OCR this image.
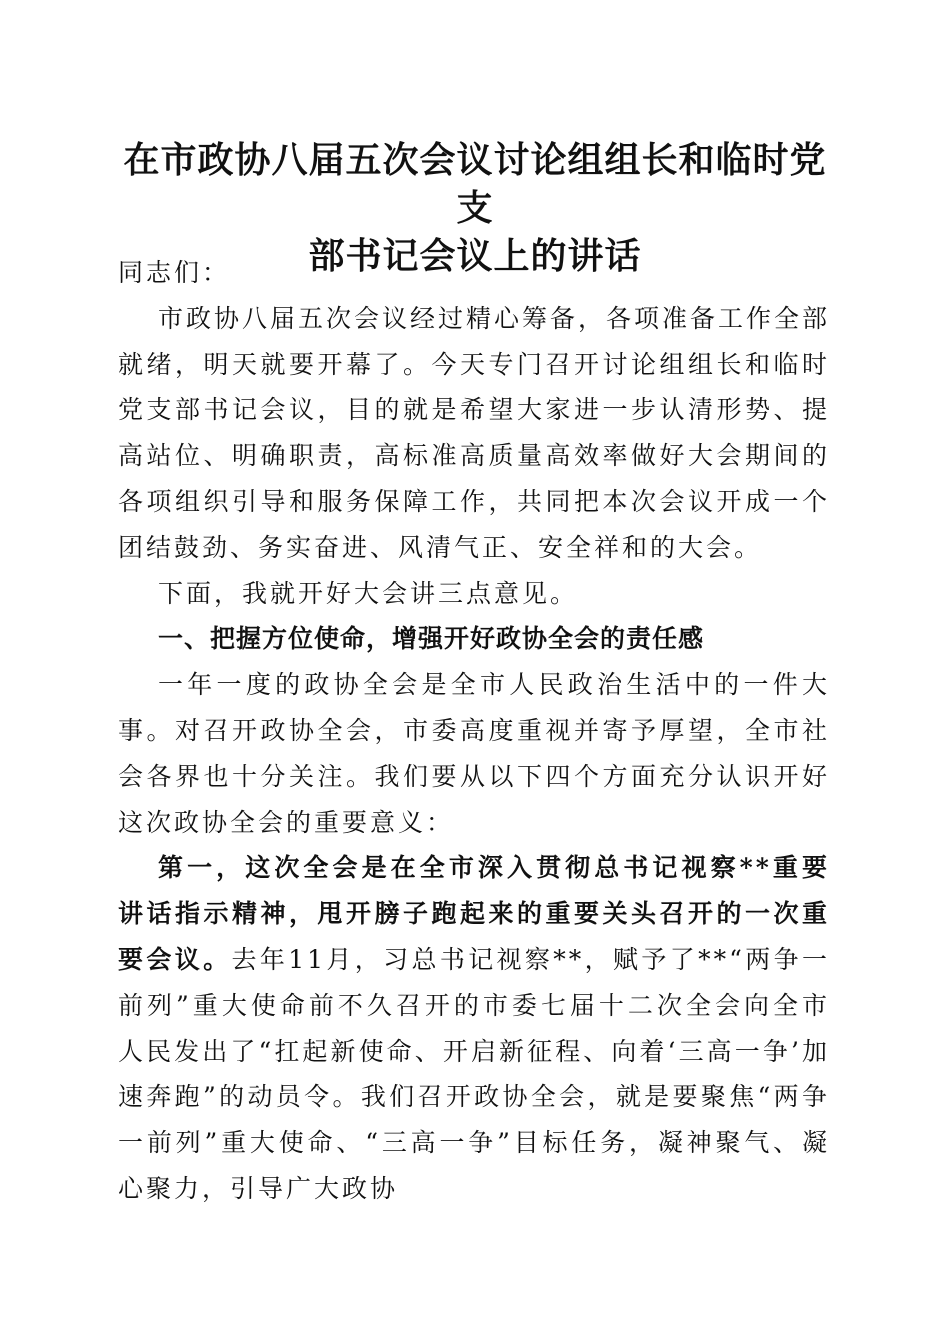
在市政协八届五次会议讨论组组长和临时党支
部书记会议上的讲话

同志们：

市政协八届五次会议经过精心筹备，各项准备工作全部就绪，明天就要开幕了。今天专门召开讨论组组长和临时党支部书记会议，目的就是希望大家进一步认清形势、提高站位、明确职责，高标准高质量高效率做好大会期间的各项组织引导和服务保障工作，共同把本次会议开成一个团结鼓劲、务实奋进、风清气正、安全祥和的大会。

下面，我就开好大会讲三点意见。

一、把握方位使命，增强开好政协全会的责任感

一年一度的政协全会是全市人民政治生活中的一件大事。对召开政协全会，市委高度重视并寄予厚望，全市社会各界也十分关注。我们要从以下四个方面充分认识开好这次政协全会的重要意义：

第一，这次全会是在全市深入贯彻总书记视察**重要讲话指示精神，甩开膀子跑起来的重要关头召开的一次重要会议。去年11月，习总书记视察**，赋予了**“两争一前列”重大使命前不久召开的市委七届十二次全会向全市人民发出了“扛起新使命、开启新征程、向着‘三高一争’加速奔跑”的动员令。我们召开政协全会，就是要聚焦“两争一前列”重大使命、“三高一争”目标任务，凝神聚气、凝心聚力，引导广大政协
